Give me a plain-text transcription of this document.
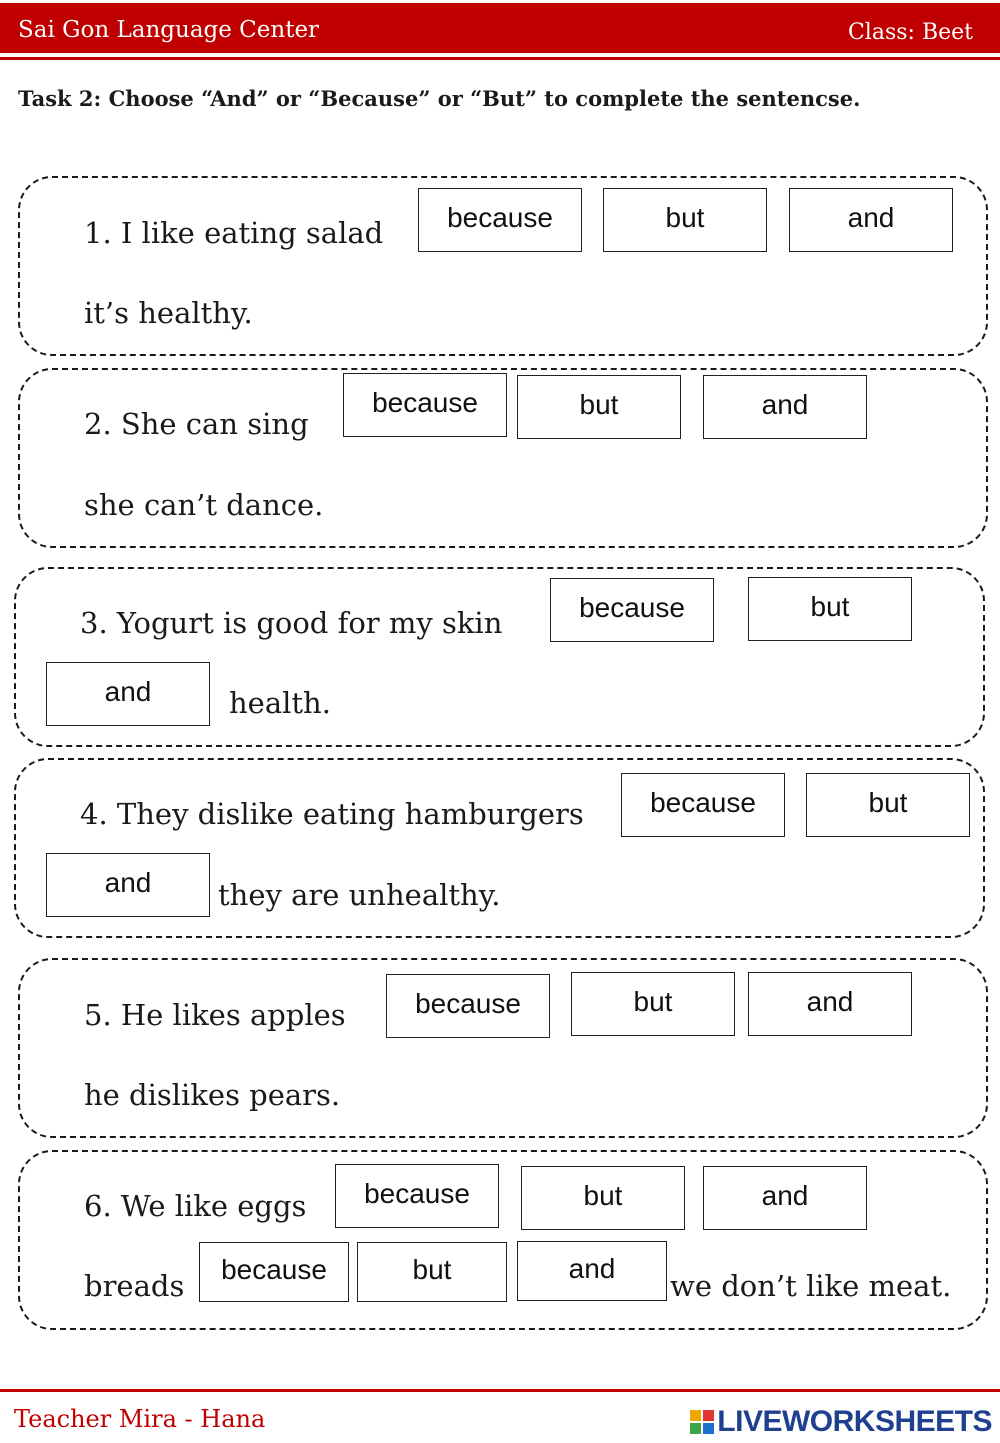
Sai Gon Language Center	Class: Beet
Task 2: Choose “And” or “Because” or “But” to complete the sentencse.
1. I like eating salad	because	but	and
it’s healthy.
2. She can sing
because	but	and
she can’t dance.
3. Yogurt is good for my skin	because	but
and	health.
4. They dislike eating hamburgers	because	but
and	they are unhealthy.
5. He likes apples	because	but	and
he dislikes pears.
6. We like eggs	because	but	and
breads	because	but	and
we don’t like meat.
Teacher Mira - Hana	LIVEWORKSHEETS
